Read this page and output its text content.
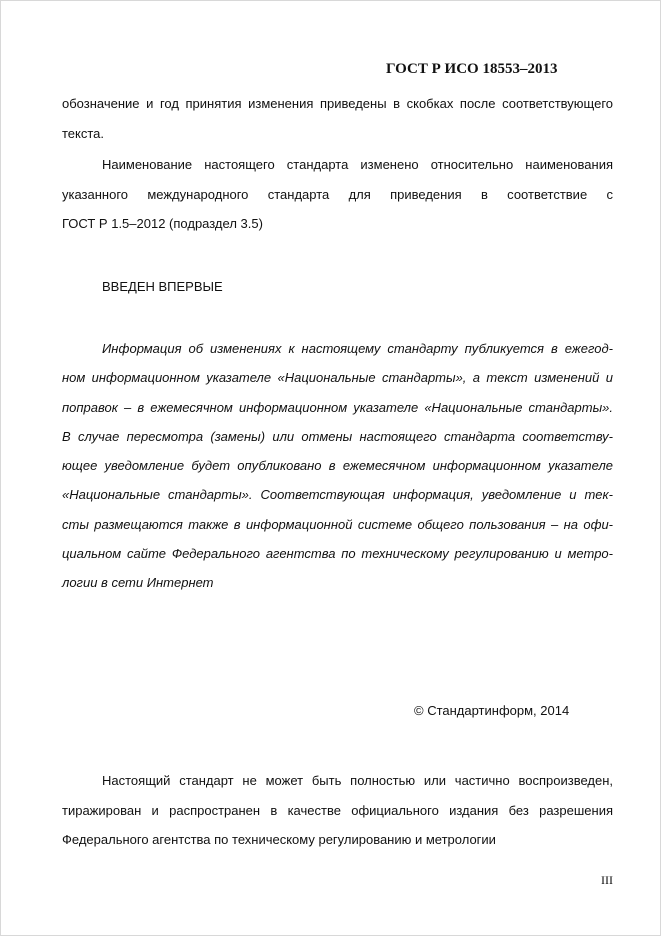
ГОСТ Р ИСО 18553–2013
обозначение и год принятия изменения приведены в скобках после соответствующего
текста.
Наименование настоящего стандарта изменено относительно наименования
указанного международного стандарта для приведения в соответствие с
ГОСТ Р 1.5–2012 (подраздел 3.5)
ВВЕДЕН ВПЕРВЫЕ
Информация об изменениях к настоящему стандарту публикуется в ежегод-
ном информационном указателе «Национальные стандарты», а текст изменений и
поправок – в ежемесячном информационном указателе «Национальные стандарты».
В случае пересмотра (замены) или отмены настоящего стандарта соответству-
ющее уведомление будет опубликовано в ежемесячном информационном указателе
«Национальные стандарты». Соответствующая информация, уведомление и тек-
сты размещаются также в информационной системе общего пользования – на офи-
циальном сайте Федерального агентства по техническому регулированию и метро-
логии в сети Интернет
© Стандартинформ, 2014
Настоящий стандарт не может быть полностью или частично воспроизведен,
тиражирован и распространен в качестве официального издания без разрешения
Федерального агентства по техническому регулированию и метрологии
III
